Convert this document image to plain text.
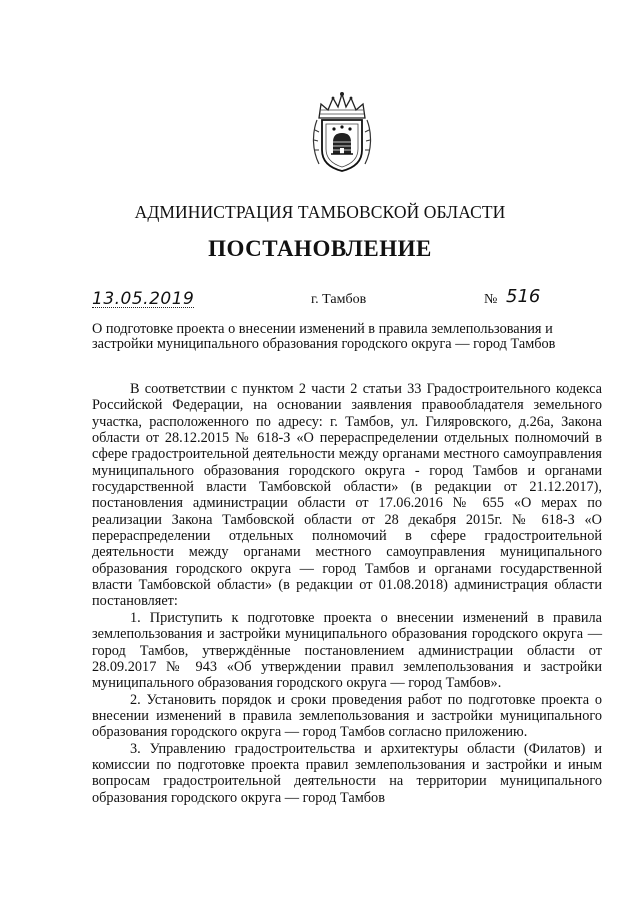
АДМИНИСТРАЦИЯ ТАМБОВСКОЙ ОБЛАСТИ
ПОСТАНОВЛЕНИЕ
13.05.2019	г. Тамбов	№ 516
О подготовке проекта о внесении изменений в правила землепользования и застройки муниципального образования городского округа — город Тамбов

В соответствии с пунктом 2 части 2 статьи 33 Градостроительного кодекса Российской Федерации, на основании заявления правообладателя земельного участка, расположенного по адресу: г. Тамбов, ул. Гиляровского, д.26а, Закона области от 28.12.2015 № 618-З «О перераспределении отдельных полномочий в сфере градостроительной деятельности между органами местного самоуправления муниципального образования городского округа - город Тамбов и органами государственной власти Тамбовской области» (в редакции от 21.12.2017), постановления администрации области от 17.06.2016 № 655 «О мерах по реализации Закона Тамбовской области от 28 декабря 2015г. № 618-З «О перераспределении отдельных полномочий в сфере градостроительной деятельности между органами местного самоуправления муниципального образования городского округа — город Тамбов и органами государственной власти Тамбовской области» (в редакции от 01.08.2018) администрация области постановляет:

1. Приступить к подготовке проекта о внесении изменений в правила землепользования и застройки муниципального образования городского округа — город Тамбов, утверждённые постановлением администрации области от 28.09.2017 № 943 «Об утверждении правил землепользования и застройки муниципального образования городского округа — город Тамбов».

2. Установить порядок и сроки проведения работ по подготовке проекта о внесении изменений в правила землепользования и застройки муниципального образования городского округа — город Тамбов согласно приложению.

3. Управлению градостроительства и архитектуры области (Филатов) и комиссии по подготовке проекта правил землепользования и застройки и иным вопросам градостроительной деятельности на территории муниципального образования городского округа — город Тамбов
